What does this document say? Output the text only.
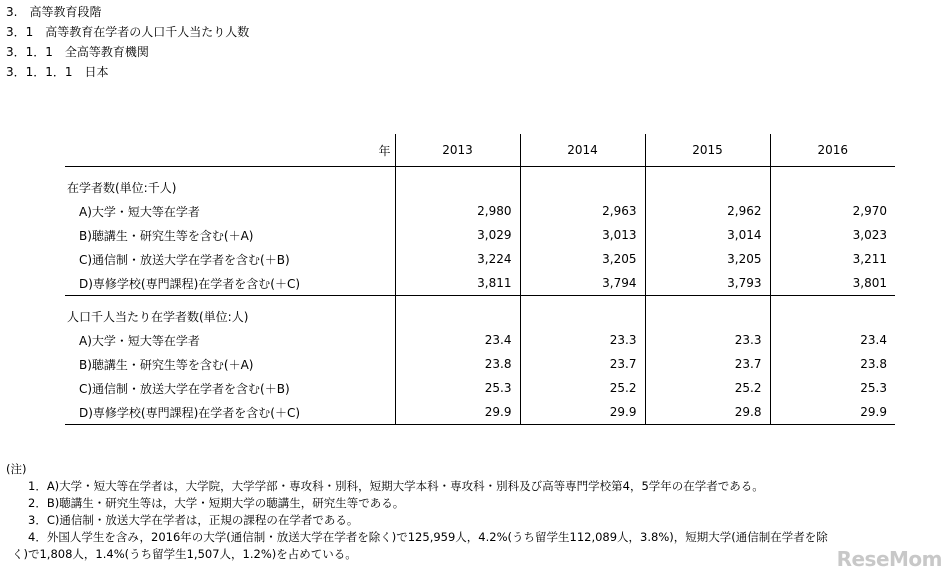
3.　高等教育段階
3．1　高等教育在学者の人口千人当たり人数
3．1．1　全高等教育機関
3．1．1．1　日本
年	2013	2014	2015	2016

在学者数(単位:千人)				
A)大学・短大等在学者	2,980	2,963	2,962	2,970
B)聴講生・研究生等を含む(＋A)	3,029	3,013	3,014	3,023
C)通信制・放送大学在学者を含む(＋B)	3,224	3,205	3,205	3,211
D)専修学校(専門課程)在学者を含む(＋C)	3,811	3,794	3,793	3,801

人口千人当たり在学者数(単位:人)				
A)大学・短大等在学者	23.4	23.3	23.3	23.4
B)聴講生・研究生等を含む(＋A)	23.8	23.7	23.7	23.8
C)通信制・放送大学在学者を含む(＋B)	25.3	25.2	25.2	25.3
D)専修学校(専門課程)在学者を含む(＋C)	29.9	29.9	29.8	29.9
(注)
1．A)大学・短大等在学者は，大学院，大学学部・専攻科・別科，短期大学本科・専攻科・別科及び高等専門学校第4，5学年の在学者である。
2．B)聴講生・研究生等は，大学・短期大学の聴講生，研究生等である。
3．C)通信制・放送大学在学者は，正規の課程の在学者である。
4．外国人学生を含み，2016年の大学(通信制・放送大学在学者を除く)で125,959人，4.2%(うち留学生112,089人，3.8%)，短期大学(通信制在学者を除
く)で1,808人，1.4%(うち留学生1,507人，1.2%)を占めている。	ReseMom
